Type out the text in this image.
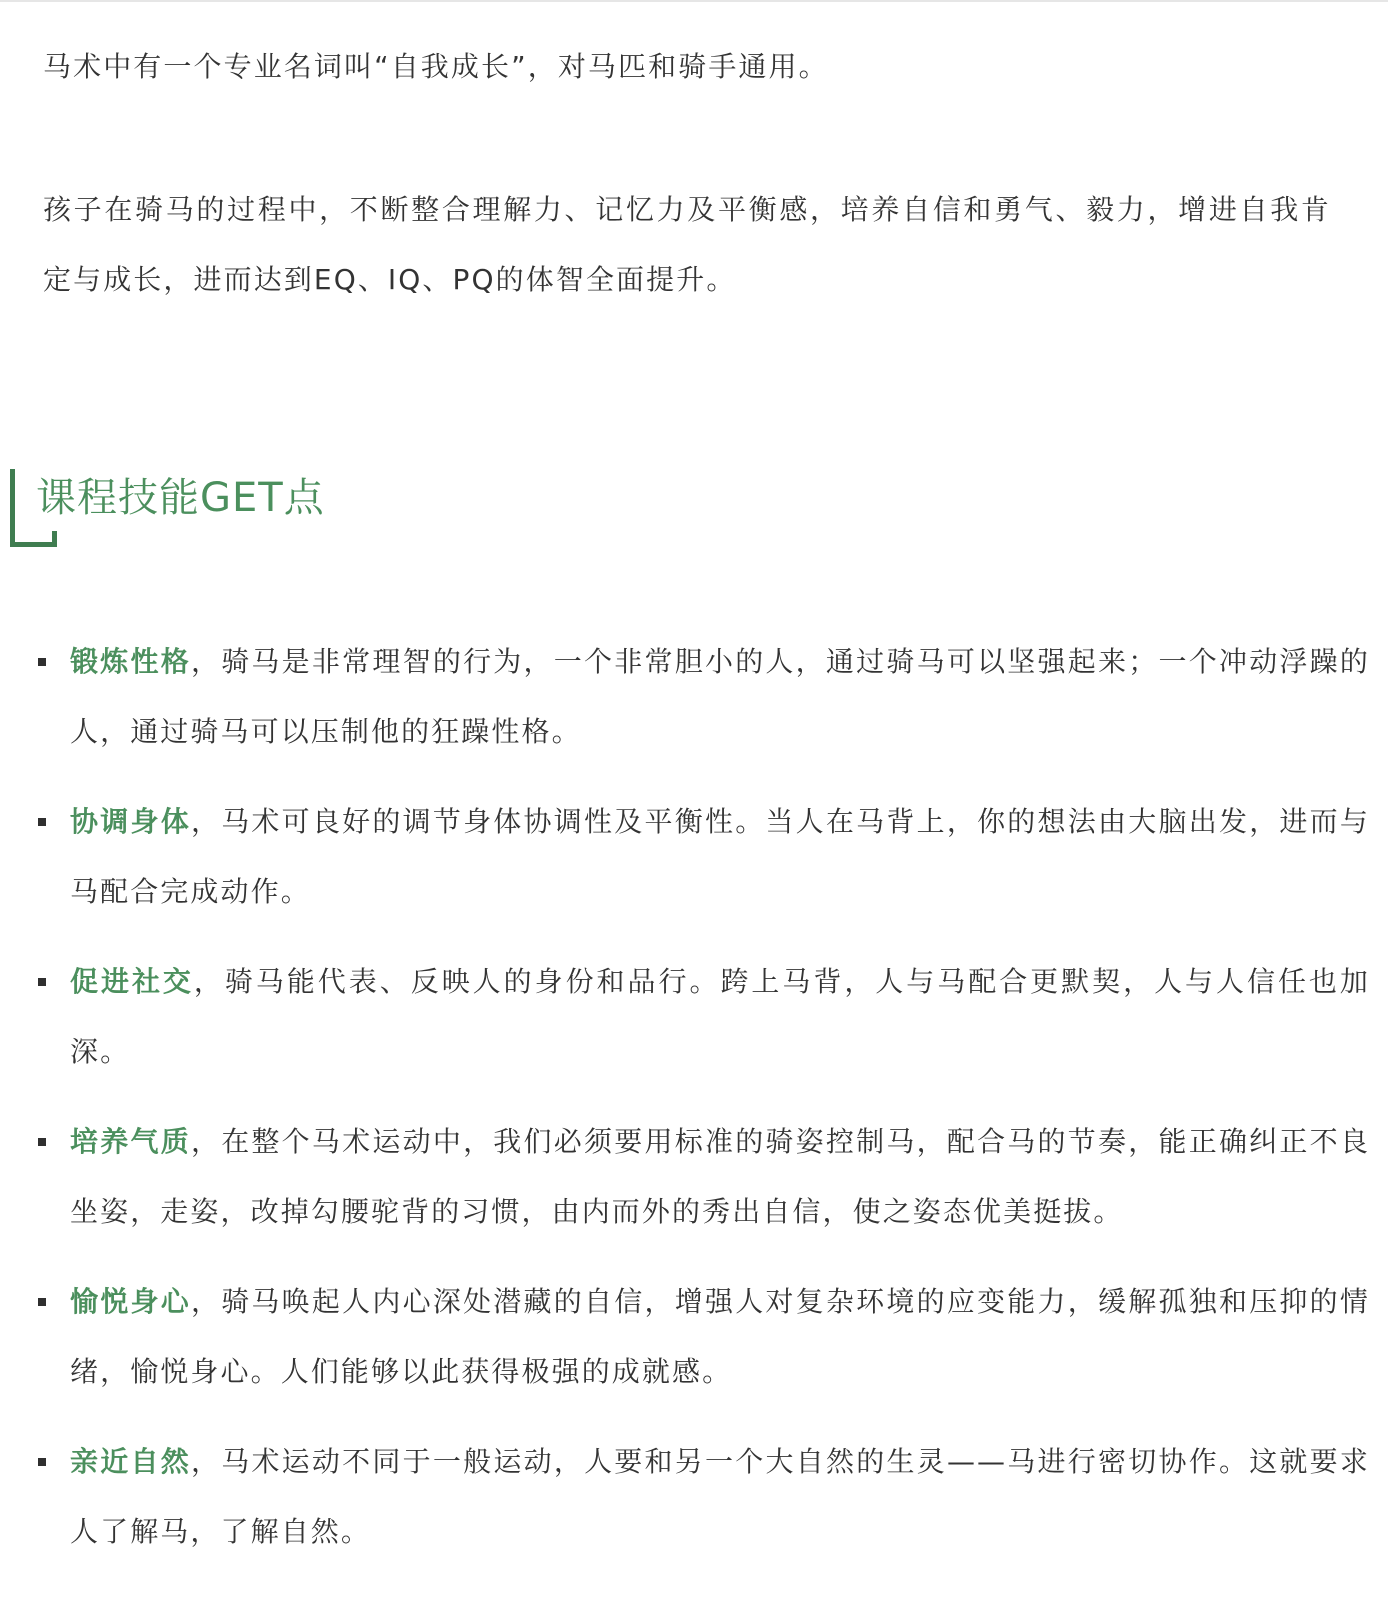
马术中有一个专业名词叫“自我成长”，对马匹和骑手通用。

孩子在骑马的过程中，不断整合理解力、记忆力及平衡感，培养自信和勇气、毅力，增进自我肯定与成长，进而达到EQ、IQ、PQ的体智全面提升。

课程技能GET点
锻炼性格，骑马是非常理智的行为，一个非常胆小的人，通过骑马可以坚强起来；一个冲动浮躁的人，通过骑马可以压制他的狂躁性格。
协调身体，马术可良好的调节身体协调性及平衡性。当人在马背上，你的想法由大脑出发，进而与马配合完成动作。
促进社交，骑马能代表、反映人的身份和品行。跨上马背，人与马配合更默契，人与人信任也加深。
培养气质，在整个马术运动中，我们必须要用标准的骑姿控制马，配合马的节奏，能正确纠正不良坐姿，走姿，改掉勾腰驼背的习惯，由内而外的秀出自信，使之姿态优美挺拔。
愉悦身心，骑马唤起人内心深处潜藏的自信，增强人对复杂环境的应变能力，缓解孤独和压抑的情绪，愉悦身心。人们能够以此获得极强的成就感。
亲近自然，马术运动不同于一般运动，人要和另一个大自然的生灵——马进行密切协作。这就要求人了解马，了解自然。
